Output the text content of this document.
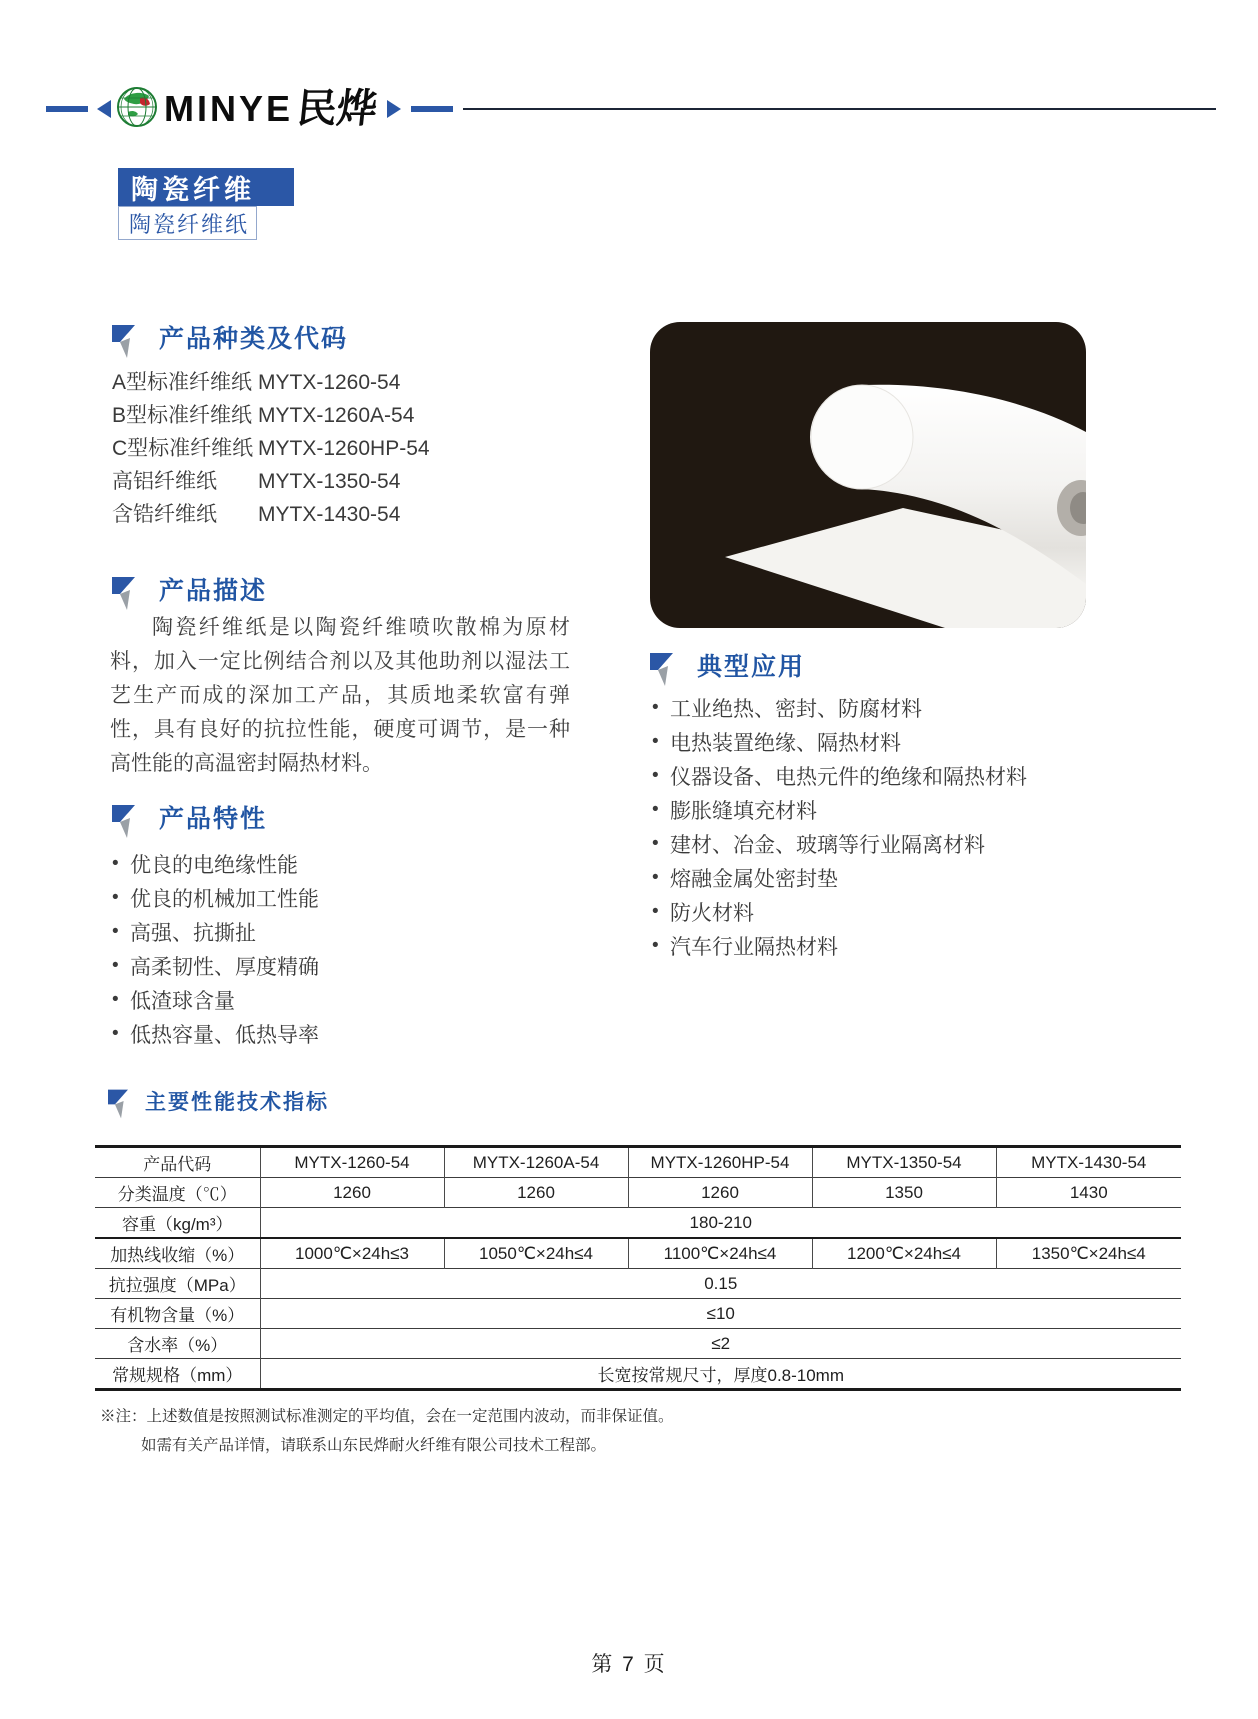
MINYE 民烨
陶瓷纤维
陶瓷纤维纸
产品种类及代码
A型标准纤维纸 MYTX-1260-54
B型标准纤维纸 MYTX-1260A-54
C型标准纤维纸 MYTX-1260HP-54
高铝纤维纸	MYTX-1350-54
含锆纤维纸	MYTX-1430-54
产品描述
陶瓷纤维纸是以陶瓷纤维喷吹散棉为原材料，加入一定比例结合剂以及其他助剂以湿法工艺生产而成的深加工产品，其质地柔软富有弹性，具有良好的抗拉性能，硬度可调节，是一种高性能的高温密封隔热材料。
典型应用
• 工业绝热、密封、防腐材料
• 电热装置绝缘、隔热材料
• 仪器设备、电热元件的绝缘和隔热材料
• 膨胀缝填充材料
• 建材、冶金、玻璃等行业隔离材料
• 熔融金属处密封垫
• 防火材料
• 汽车行业隔热材料
产品特性
• 优良的电绝缘性能
• 优良的机械加工性能
• 高强、抗撕扯
• 高柔韧性、厚度精确
• 低渣球含量
• 低热容量、低热导率
主要性能技术指标
产品代码	MYTX-1260-54	MYTX-1260A-54	MYTX-1260HP-54	MYTX-1350-54	MYTX-1430-54
分类温度（℃）	1260	1260	1260	1350	1430
容重（kg/m³）	180-210				
加热线收缩（%）	1000℃×24h≤3	1050℃×24h≤4	1100℃×24h≤4	1200℃×24h≤4	1350℃×24h≤4
抗拉强度（MPa）	0.15				
有机物含量（%）	≤10				
含水率（%）	≤2				
常规规格（mm）	长宽按常规尺寸，厚度0.8-10mm				
※注：上述数值是按照测试标准测定的平均值，会在一定范围内波动，而非保证值。
如需有关产品详情，请联系山东民烨耐火纤维有限公司技术工程部。
第 7 页
